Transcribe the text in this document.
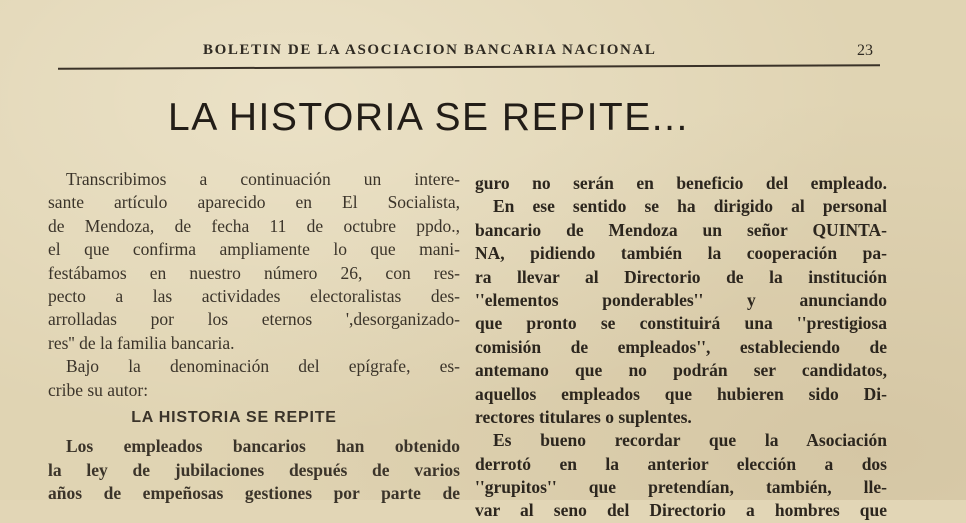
BOLETIN DE LA ASOCIACION BANCARIA NACIONAL	23
LA HISTORIA SE REPITE...
Transcribimos a continuación un intere-
sante artículo aparecido en El Socialista,
de Mendoza, de fecha 11 de octubre ppdo.,
el que confirma ampliamente lo que mani-
festábamos en nuestro número 26, con res-
pecto a las actividades electoralistas des-
arrolladas por los eternos ',desorganizado-
res'' de la familia bancaria.
Bajo la denominación del epígrafe, es-
cribe su autor:
LA HISTORIA SE REPITE
Los empleados bancarios han obtenido
la ley de jubilaciones después de varios
años de empeñosas gestiones por parte de
guro no serán en beneficio del empleado.
En ese sentido se ha dirigido al personal
bancario de Mendoza un señor QUINTA-
NA, pidiendo también la cooperación pa-
ra llevar al Directorio de la institución
''elementos ponderables'' y anunciando
que pronto se constituirá una ''prestigiosa
comisión de empleados'', estableciendo de
antemano que no podrán ser candidatos,
aquellos empleados que hubieren sido Di-
rectores titulares o suplentes.
Es bueno recordar que la Asociación
derrotó en la anterior elección a dos
''grupitos'' que pretendían, también, lle-
var al seno del Directorio a hombres que
